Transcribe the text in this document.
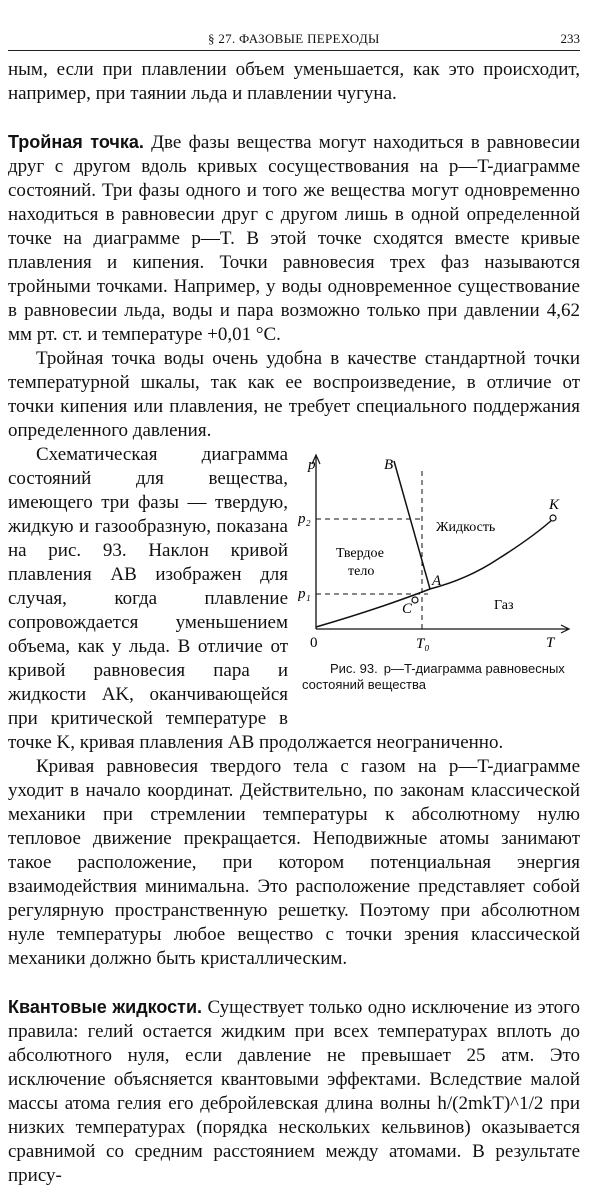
§ 27. ФАЗОВЫЕ ПЕРЕХОДЫ	233

ным, если при плавлении объем уменьшается, как это происходит, например, при таянии льда и плавлении чугуна.

Тройная точка. Две фазы вещества могут находиться в равновесии друг с другом вдоль кривых сосуществования на p—T-диаграмме состояний. Три фазы одного и того же вещества могут одновременно находиться в равновесии друг с другом лишь в одной определенной точке на диаграмме p—T. В этой точке сходятся вместе кривые плавления и кипения. Точки равновесия трех фаз называются тройными точками. Например, у воды одновременное существование в равновесии льда, воды и пара возможно только при давлении 4,62 мм рт. ст. и температуре +0,01 °C.

Тройная точка воды очень удобна в качестве стандартной точки температурной шкалы, так как ее воспроизведение, в отличие от точки кипения или плавления, не требует специального поддержания определенного давления.

p
T
0
p₂
p₁
T₀
B
K
A
C
Жидкость
Твердое
тело
Газ
Рис. 93. p—T-диаграмма равновесных состояний вещества
Схематическая диаграмма состояний для вещества, имеющего три фазы — твердую, жидкую и газообразную, показана на рис. 93. Наклон кривой плавления AB изображен для случая, когда плавление сопровождается уменьшением объема, как у льда. В отличие от кривой равновесия пара и жидкости AK, оканчивающейся при критической температуре в точке K, кривая плавления AB продолжается неограниченно.

Кривая равновесия твердого тела с газом на p—T-диаграмме уходит в начало координат. Действительно, по законам классической механики при стремлении температуры к абсолютному нулю тепловое движение прекращается. Неподвижные атомы занимают такое расположение, при котором потенциальная энергия взаимодействия минимальна. Это расположение представляет собой регулярную пространственную решетку. Поэтому при абсолютном нуле температуры любое вещество с точки зрения классической механики должно быть кристаллическим.

Квантовые жидкости. Существует только одно исключение из этого правила: гелий остается жидким при всех температурах вплоть до абсолютного нуля, если давление не превышает 25 атм. Это исключение объясняется квантовыми эффектами. Вследствие малой массы атома гелия его дебройлевская длина волны h/(2mkT)^1/2 при низких температурах (порядка нескольких кельвинов) оказывается сравнимой со средним расстоянием между атомами. В результате прису-
